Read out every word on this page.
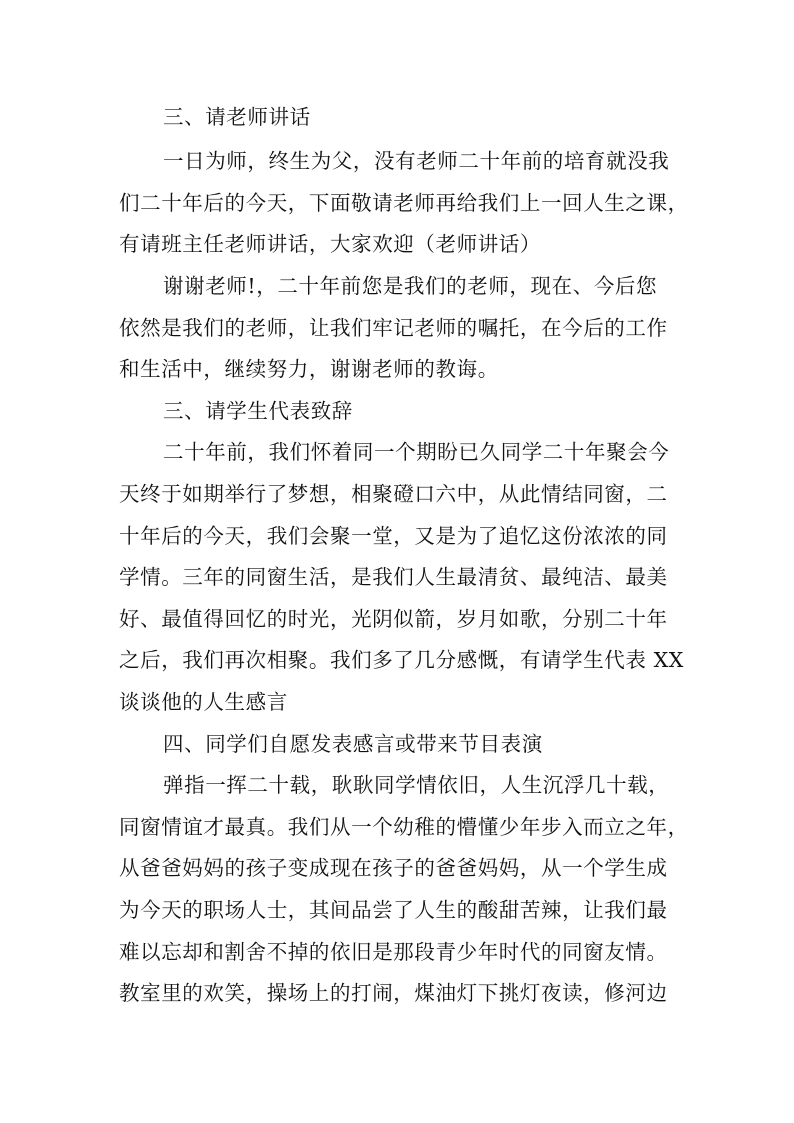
三、请老师讲话
一日为师，终生为父，没有老师二十年前的培育就没我
们二十年后的今天，下面敬请老师再给我们上一回人生之课，
有请班主任老师讲话，大家欢迎（老师讲话）
谢谢老师!，二十年前您是我们的老师，现在、今后您
依然是我们的老师，让我们牢记老师的嘱托，在今后的工作
和生活中，继续努力，谢谢老师的教诲。
三、请学生代表致辞
二十年前，我们怀着同一个期盼已久同学二十年聚会今
天终于如期举行了梦想，相聚磴口六中，从此情结同窗，二
十年后的今天，我们会聚一堂，又是为了追忆这份浓浓的同
学情。三年的同窗生活，是我们人生最清贫、最纯洁、最美
好、最值得回忆的时光，光阴似箭，岁月如歌，分别二十年
之后，我们再次相聚。我们多了几分感慨，有请学生代表 XX
谈谈他的人生感言
四、同学们自愿发表感言或带来节目表演
弹指一挥二十载，耿耿同学情依旧，人生沉浮几十载，
同窗情谊才最真。我们从一个幼稚的懵懂少年步入而立之年，
从爸爸妈妈的孩子变成现在孩子的爸爸妈妈，从一个学生成
为今天的职场人士，其间品尝了人生的酸甜苦辣，让我们最
难以忘却和割舍不掉的依旧是那段青少年时代的同窗友情。
教室里的欢笑，操场上的打闹，煤油灯下挑灯夜读，修河边
